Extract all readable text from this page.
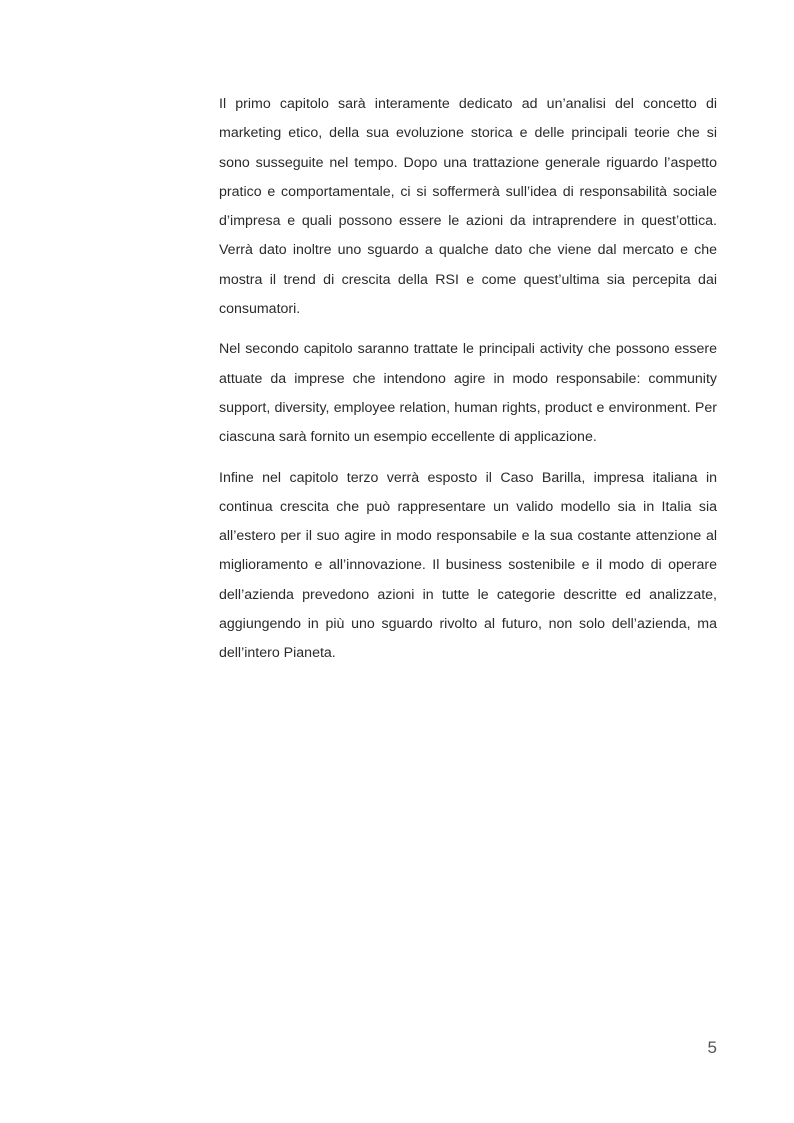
Il primo capitolo sarà interamente dedicato ad un’analisi del concetto di marketing etico, della sua evoluzione storica e delle principali teorie che si sono susseguite nel tempo. Dopo una trattazione generale riguardo l’aspetto pratico e comportamentale, ci si soffermerà sull’idea di responsabilità sociale d’impresa e quali possono essere le azioni da intraprendere in quest’ottica. Verrà dato inoltre uno sguardo a qualche dato che viene dal mercato e che mostra il trend di crescita della RSI e come quest’ultima sia percepita dai consumatori.

Nel secondo capitolo saranno trattate le principali activity che possono essere attuate da imprese che intendono agire in modo responsabile: community support, diversity, employee relation, human rights, product e environment. Per ciascuna sarà fornito un esempio eccellente di applicazione.

Infine nel capitolo terzo verrà esposto il Caso Barilla, impresa italiana in continua crescita che può rappresentare un valido modello sia in Italia sia all’estero per il suo agire in modo responsabile e la sua costante attenzione al miglioramento e all’innovazione. Il business sostenibile e il modo di operare dell’azienda prevedono azioni in tutte le categorie descritte ed analizzate, aggiungendo in più uno sguardo rivolto al futuro, non solo dell’azienda, ma dell’intero Pianeta.

5
